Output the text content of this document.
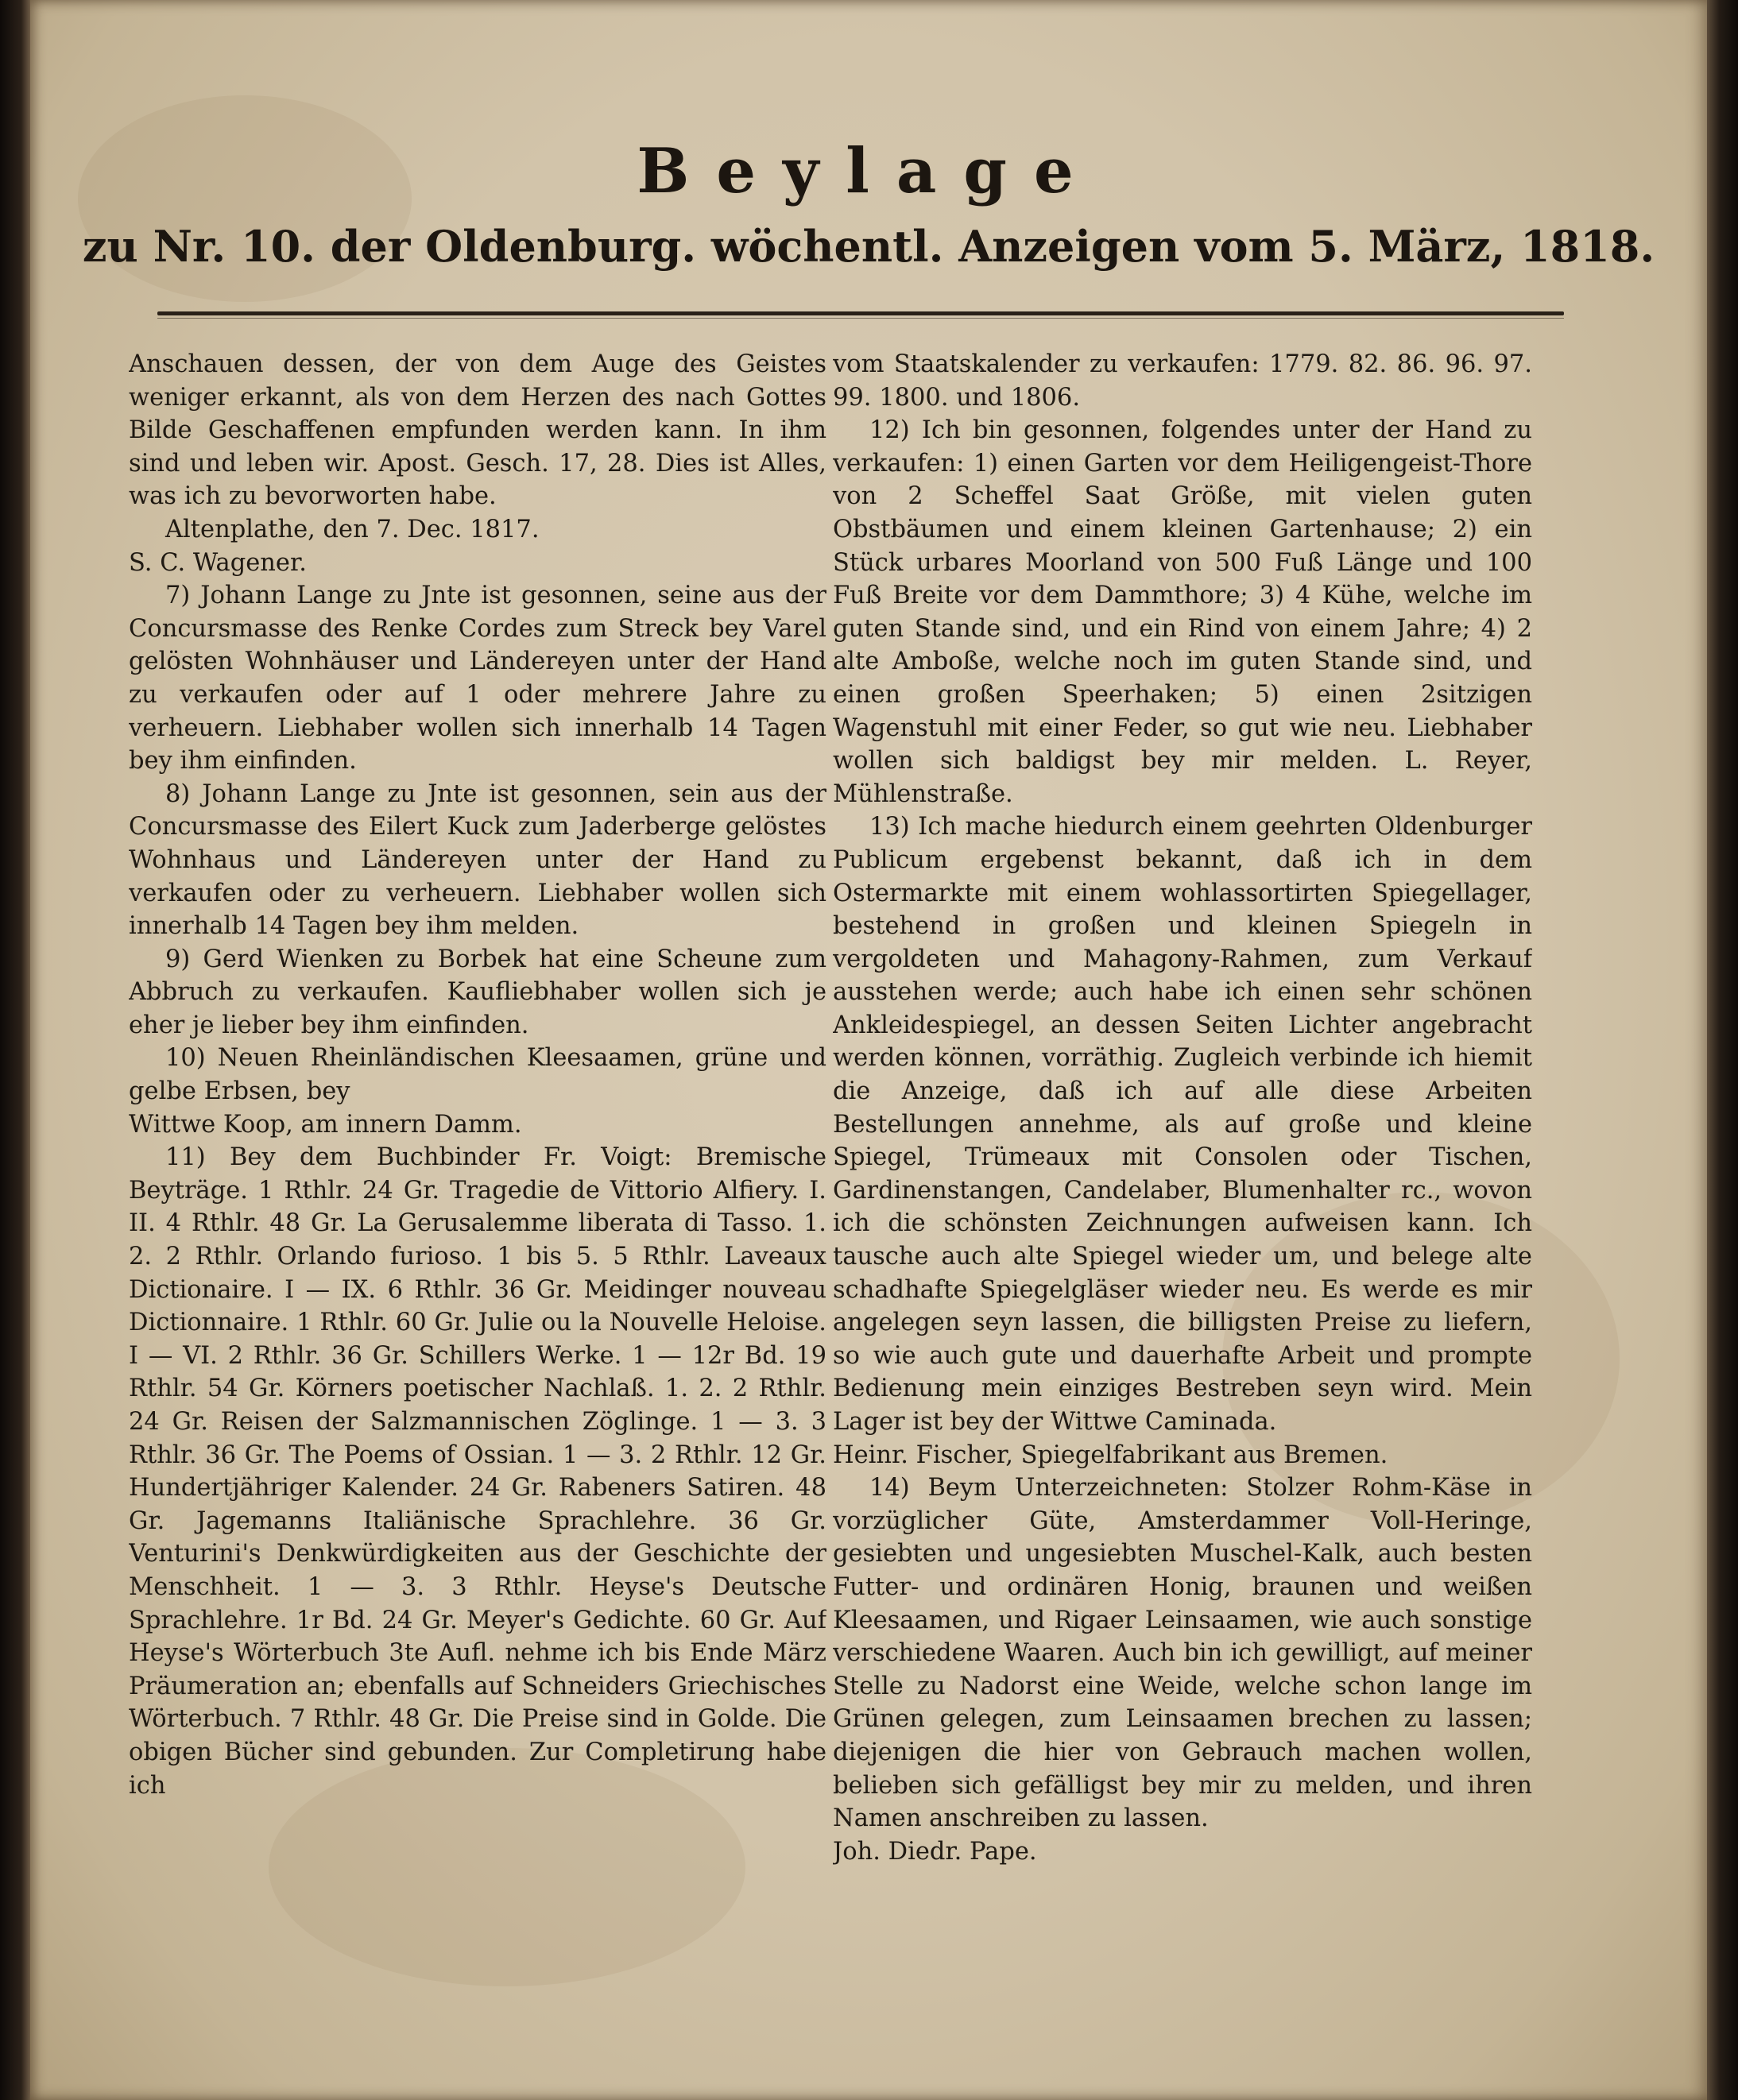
Beylage
zu Nr. 10. der Oldenburg. wöchentl. Anzeigen vom 5. März, 1818.

Anschauen dessen, der von dem Auge des Geistes weniger erkannt, als von dem Herzen des nach Gottes Bilde Geschaffenen empfunden werden kann. In ihm sind und leben wir. Apost. Gesch. 17, 28. Dies ist Alles, was ich zu bevorworten habe.

Altenplathe, den 7. Dec. 1817.

S. C. Wagener.

7) Johann Lange zu Jnte ist gesonnen, seine aus der Concursmasse des Renke Cordes zum Streck bey Varel gelösten Wohnhäuser und Ländereyen unter der Hand zu verkaufen oder auf 1 oder mehrere Jahre zu verheuern. Liebhaber wollen sich innerhalb 14 Tagen bey ihm einfinden.

8) Johann Lange zu Jnte ist gesonnen, sein aus der Concursmasse des Eilert Kuck zum Jaderberge gelöstes Wohnhaus und Ländereyen unter der Hand zu verkaufen oder zu verheuern. Liebhaber wollen sich innerhalb 14 Tagen bey ihm melden.

9) Gerd Wienken zu Borbek hat eine Scheune zum Abbruch zu verkaufen. Kaufliebhaber wollen sich je eher je lieber bey ihm einfinden.

10) Neuen Rheinländischen Kleesaamen, grüne und gelbe Erbsen, bey

Wittwe Koop, am innern Damm.

11) Bey dem Buchbinder Fr. Voigt: Bremische Beyträge. 1 Rthlr. 24 Gr. Tragedie de Vittorio Alfiery. I. II. 4 Rthlr. 48 Gr. La Gerusalemme liberata di Tasso. 1. 2. 2 Rthlr. Orlando furioso. 1 bis 5. 5 Rthlr. Laveaux Dictionaire. I — IX. 6 Rthlr. 36 Gr. Meidinger nouveau Dictionnaire. 1 Rthlr. 60 Gr. Julie ou la Nouvelle Heloise. I — VI. 2 Rthlr. 36 Gr. Schillers Werke. 1 — 12r Bd. 19 Rthlr. 54 Gr. Körners poetischer Nachlaß. 1. 2. 2 Rthlr. 24 Gr. Reisen der Salzmannischen Zöglinge. 1 — 3. 3 Rthlr. 36 Gr. The Poems of Ossian. 1 — 3. 2 Rthlr. 12 Gr. Hundertjähriger Kalender. 24 Gr. Rabeners Satiren. 48 Gr. Jagemanns Italiänische Sprachlehre. 36 Gr. Venturini's Denkwürdigkeiten aus der Geschichte der Menschheit. 1 — 3. 3 Rthlr. Heyse's Deutsche Sprachlehre. 1r Bd. 24 Gr. Meyer's Gedichte. 60 Gr. Auf Heyse's Wörterbuch 3te Aufl. nehme ich bis Ende März Präumeration an; ebenfalls auf Schneiders Griechisches Wörterbuch. 7 Rthlr. 48 Gr. Die Preise sind in Golde. Die obigen Bücher sind gebunden. Zur Completirung habe ich

vom Staatskalender zu verkaufen: 1779. 82. 86. 96. 97. 99. 1800. und 1806.

12) Ich bin gesonnen, folgendes unter der Hand zu verkaufen: 1) einen Garten vor dem Heiligengeist-Thore von 2 Scheffel Saat Größe, mit vielen guten Obstbäumen und einem kleinen Gartenhause; 2) ein Stück urbares Moorland von 500 Fuß Länge und 100 Fuß Breite vor dem Dammthore; 3) 4 Kühe, welche im guten Stande sind, und ein Rind von einem Jahre; 4) 2 alte Amboße, welche noch im guten Stande sind, und einen großen Speerhaken; 5) einen 2sitzigen Wagenstuhl mit einer Feder, so gut wie neu. Liebhaber wollen sich baldigst bey mir melden. L. Reyer, Mühlenstraße.

13) Ich mache hiedurch einem geehrten Oldenburger Publicum ergebenst bekannt, daß ich in dem Ostermarkte mit einem wohlassortirten Spiegellager, bestehend in großen und kleinen Spiegeln in vergoldeten und Mahagony-Rahmen, zum Verkauf ausstehen werde; auch habe ich einen sehr schönen Ankleidespiegel, an dessen Seiten Lichter angebracht werden können, vorräthig. Zugleich verbinde ich hiemit die Anzeige, daß ich auf alle diese Arbeiten Bestellungen annehme, als auf große und kleine Spiegel, Trümeaux mit Consolen oder Tischen, Gardinenstangen, Candelaber, Blumenhalter rc., wovon ich die schönsten Zeichnungen aufweisen kann. Ich tausche auch alte Spiegel wieder um, und belege alte schadhafte Spiegelgläser wieder neu. Es werde es mir angelegen seyn lassen, die billigsten Preise zu liefern, so wie auch gute und dauerhafte Arbeit und prompte Bedienung mein einziges Bestreben seyn wird. Mein Lager ist bey der Wittwe Caminada.

Heinr. Fischer, Spiegelfabrikant aus Bremen.

14) Beym Unterzeichneten: Stolzer Rohm-Käse in vorzüglicher Güte, Amsterdammer Voll-Heringe, gesiebten und ungesiebten Muschel-Kalk, auch besten Futter- und ordinären Honig, braunen und weißen Kleesaamen, und Rigaer Leinsaamen, wie auch sonstige verschiedene Waaren. Auch bin ich gewilligt, auf meiner Stelle zu Nadorst eine Weide, welche schon lange im Grünen gelegen, zum Leinsaamen brechen zu lassen; diejenigen die hier von Gebrauch machen wollen, belieben sich gefälligst bey mir zu melden, und ihren Namen anschreiben zu lassen.

Joh. Diedr. Pape.
